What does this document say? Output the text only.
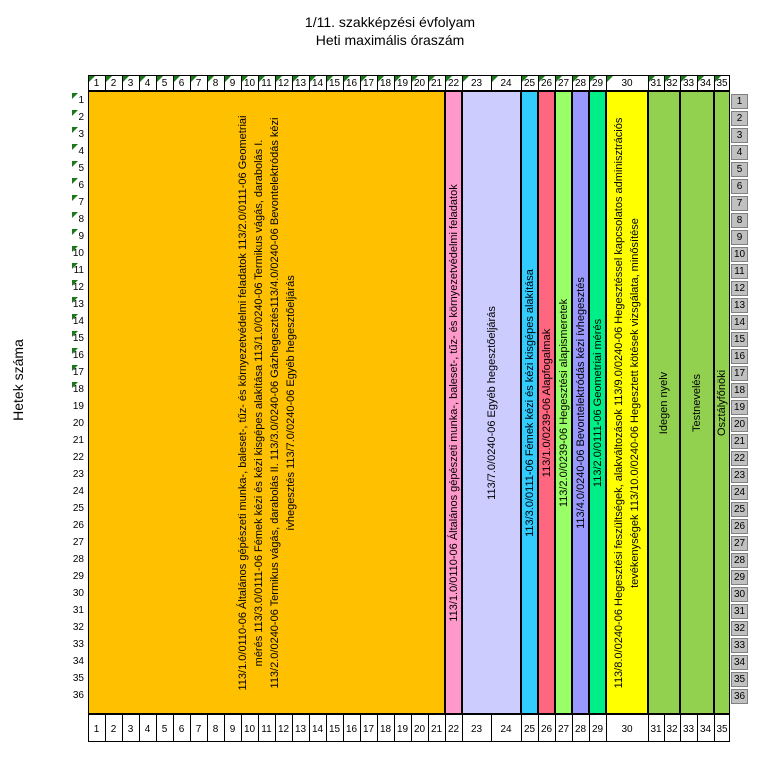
1/11. szakképzési évfolyam
Heti maximális óraszám
Hetek száma
1
1
2
2
3
3
4
4
5
5
6
6
7
7
8
8
9
9
10
10
11
11
12
12
13
13
14
14
15
15
16
16
17
17
18
18
19
19
20
20
21
21
22
22
23
23
24
24
25
25
26
26
27
27
28
28
29
29
30
30
31
31
32
32
33
33
34
34
35
35
1	1
2	2
3	3
4	4
5	5
6	6
7	7
8	8
9	9
10	10
11	11
12	12
13	13
14	14
15	15
16	16
17	17
18	18
19	19
20	20
21	21
22	22
23	23
24	24
25	25
26	26
27	27
28	28
29	29
30	30
31	31
32	32
33	33
34	34
35	35
36	36
113/1.0/0110-06 Általános gépészeti munka-, baleset-, tűz- és környezetvédelmi feladatok 113/2.0/0111-06 Geometriai mérés 113/3.0/0111-06 Fémek kézi és kézi kisgépes alakítása 113/1.0/0240-06 Termikus vágás, darabolás I. 113/2.0/0240-06 Termikus vágás, darabolás II. 113/3.0/0240-06 Gázhegesztés113/4.0/0240-06 Bevontelektródás kézi ívhegesztés 113/7.0/0240-06 Egyéb hegesztőeljárás	113/1.0/0110-06 Általános gépészeti munka-, baleset-, tűz- és környezetvédelmi feladatok 113/7.0/0240-06 Egyéb hegesztőeljárás 113/3.0/0111-06 Fémek kézi és kézi kisgépes alakítása 113/1.0/0239-06 Alapfogalmak 113/2.0/0239-06 Hegesztési alapismeretek 113/4.0/0240-06 Bevontelektródás kézi ívhegesztés 113/2.0/0111-06 Geometriai mérés 113/8.0/0240-06 Hegesztési feszültségek, alakváltozások 113/9.0/0240-06 Hegesztéssel kapcsolatos adminisztrációs tevékenységek 113/10.0/0240-06 Hegesztett kötések vizsgálata, minősítése Idegen nyelv Testnevelés Osztályfőnöki
